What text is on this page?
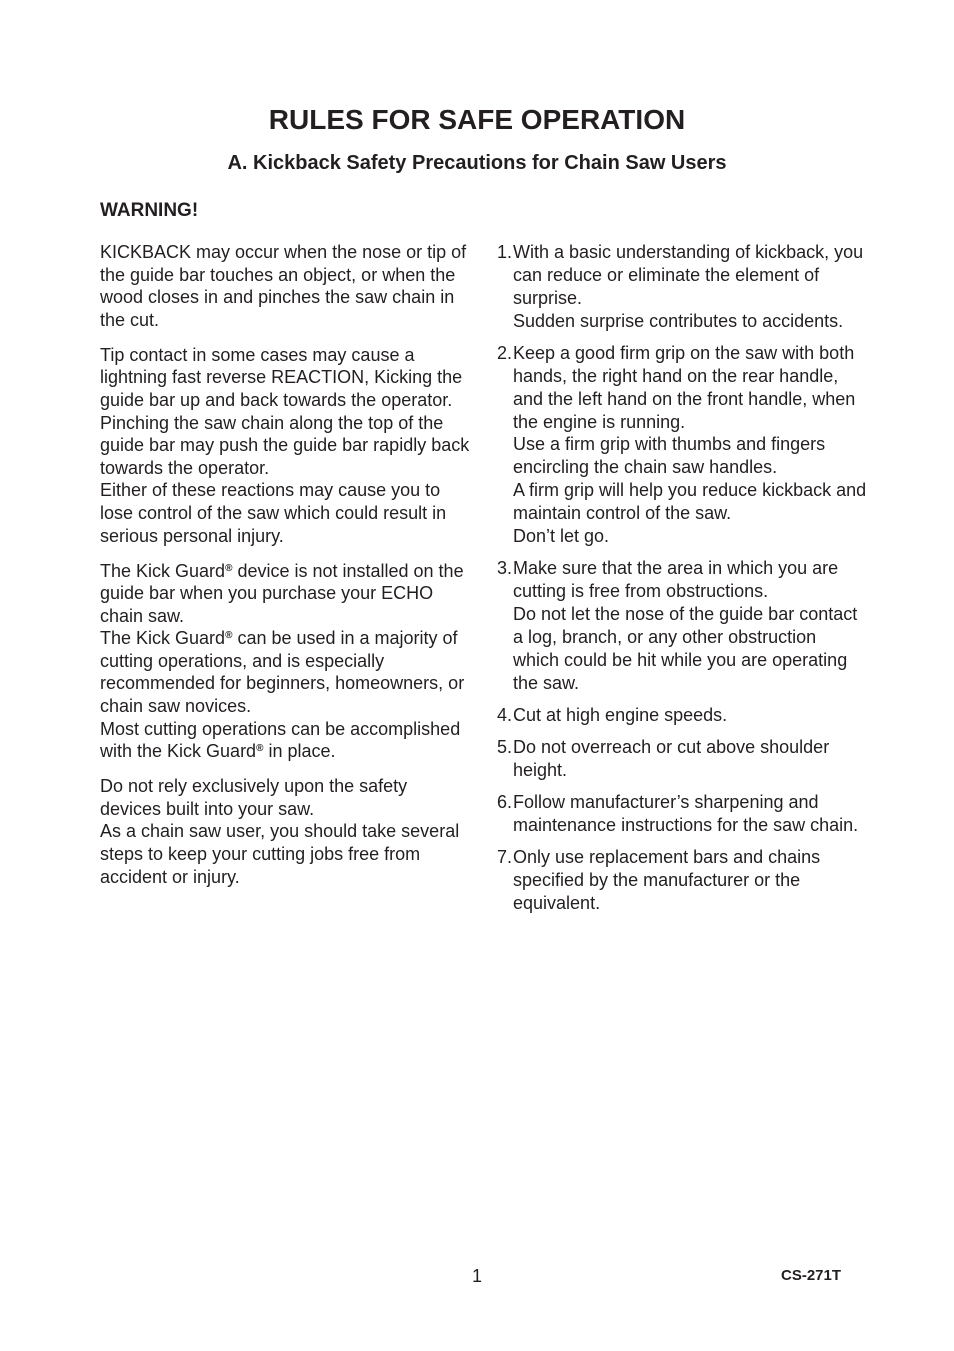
RULES FOR SAFE OPERATION
A. Kickback Safety Precautions for Chain Saw Users
WARNING!

KICKBACK may occur when the nose or tip of the guide bar touches an object, or when the wood closes in and pinches the saw chain in the cut.

Tip contact in some cases may cause a lightning fast reverse REACTION, Kicking the guide bar up and back towards the operator.
Pinching the saw chain along the top of the guide bar may push the guide bar rapidly back towards the operator.
Either of these reactions may cause you to lose control of the saw which could result in serious personal injury.

The Kick Guard® device is not installed on the guide bar when you purchase your ECHO chain saw.
The Kick Guard® can be used in a majority of cutting operations, and is especially recommended for beginners, homeowners, or chain saw novices.
Most cutting operations can be accomplished with the Kick Guard® in place.

Do not rely exclusively upon the safety devices built into your saw.
As a chain saw user, you should take several steps to keep your cutting jobs free from accident or injury.

1. With a basic understanding of kickback, you can reduce or eliminate the element of surprise.
Sudden surprise contributes to accidents.
2. Keep a good firm grip on the saw with both hands, the right hand on the rear handle, and the left hand on the front handle, when the engine is running.
Use a firm grip with thumbs and fingers encircling the chain saw handles.
A firm grip will help you reduce kickback and maintain control of the saw.
Don’t let go.
3. Make sure that the area in which you are cutting is free from obstructions.
Do not let the nose of the guide bar contact a log, branch, or any other obstruction which could be hit while you are operating the saw.
4. Cut at high engine speeds.
5. Do not overreach or cut above shoulder height.
6. Follow manufacturer’s sharpening and maintenance instructions for the saw chain.
7. Only use replacement bars and chains specified by the manufacturer or the equivalent.
1	CS-271T
